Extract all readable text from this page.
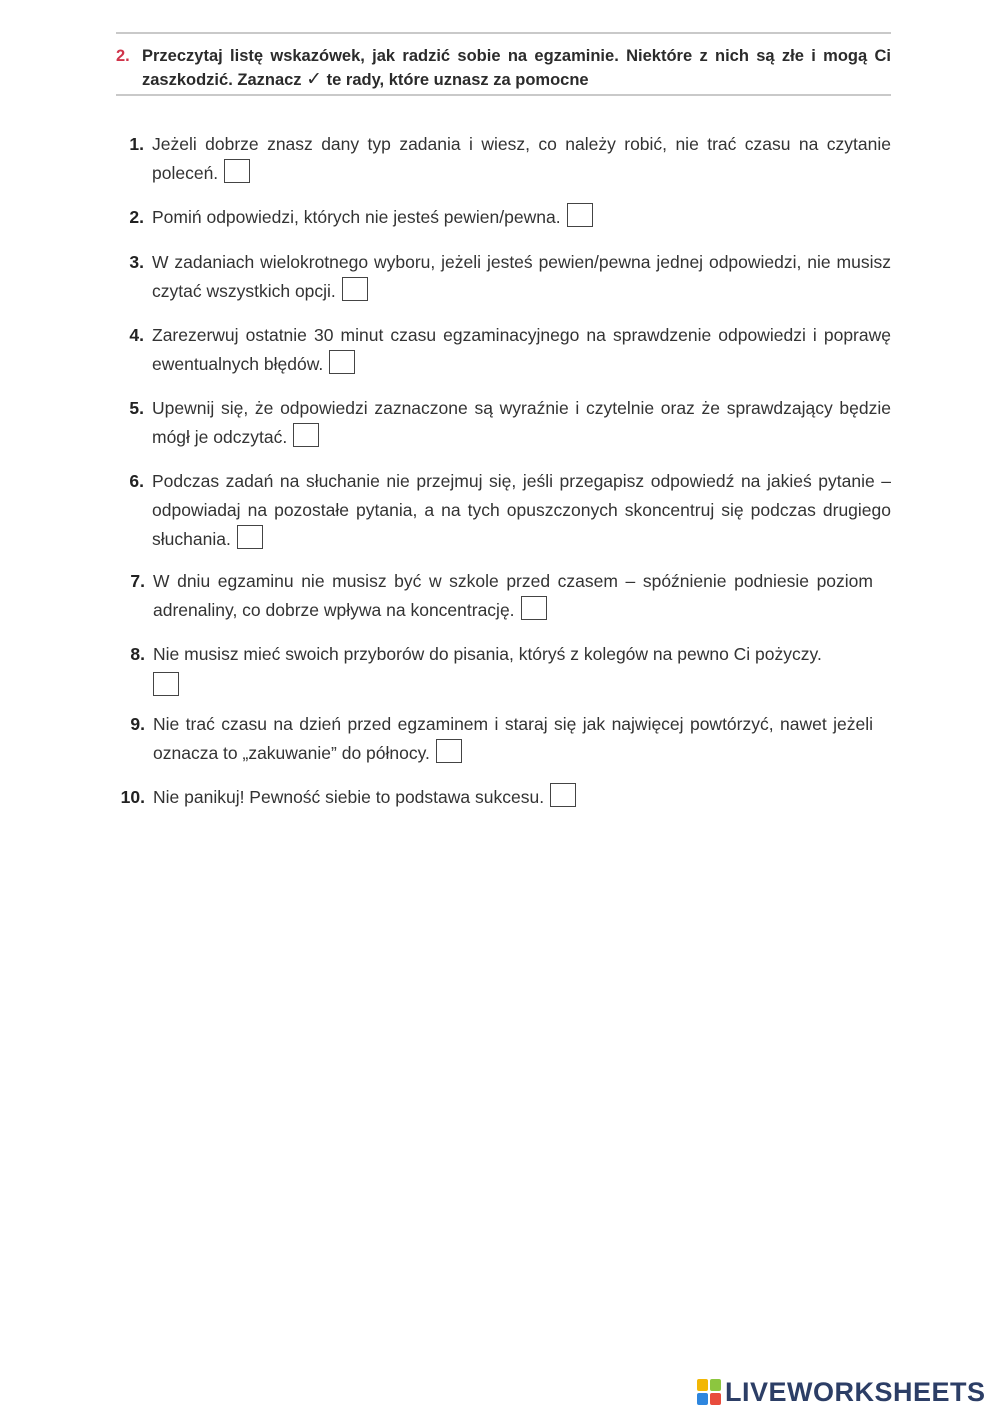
2. Przeczytaj listę wskazówek, jak radzić sobie na egzaminie. Niektóre z nich są złe i mogą Ci zaszkodzić. Zaznacz ✓ te rady, które uznasz za pomocne
1. Jeżeli dobrze znasz dany typ zadania i wiesz, co należy robić, nie trać czasu na czytanie poleceń.
2. Pomiń odpowiedzi, których nie jesteś pewien/pewna.
3. W zadaniach wielokrotnego wyboru, jeżeli jesteś pewien/pewna jednej odpowiedzi, nie musisz czytać wszystkich opcji.
4. Zarezerwuj ostatnie 30 minut czasu egzaminacyjnego na sprawdzenie odpowiedzi i poprawę ewentualnych błędów.
5. Upewnij się, że odpowiedzi zaznaczone są wyraźnie i czytelnie oraz że sprawdzający będzie mógł je odczytać.
6. Podczas zadań na słuchanie nie przejmuj się, jeśli przegapisz odpowiedź na jakieś pytanie – odpowiadaj na pozostałe pytania, a na tych opuszczonych skoncentruj się podczas drugiego słuchania.
7. W dniu egzaminu nie musisz być w szkole przed czasem – spóźnienie podniesie poziom adrenaliny, co dobrze wpływa na koncentrację.
8. Nie musisz mieć swoich przyborów do pisania, któryś z kolegów na pewno Ci pożyczy.
9. Nie trać czasu na dzień przed egzaminem i staraj się jak najwięcej powtórzyć, nawet jeżeli oznacza to „zakuwanie” do północy.
10. Nie panikuj! Pewność siebie to podstawa sukcesu.
LIVEWORKSHEETS
